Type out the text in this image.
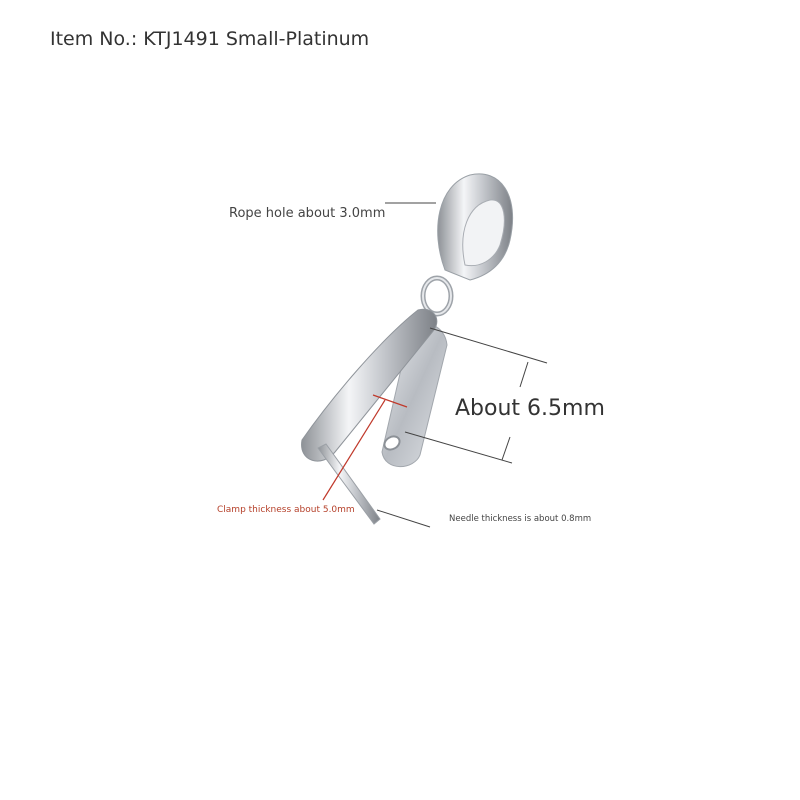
Item No.: KTJ1491 Small-Platinum
Rope hole about 3.0mm
About 6.5mm
Clamp thickness about 5.0mm
Needle thickness is about 0.8mm
